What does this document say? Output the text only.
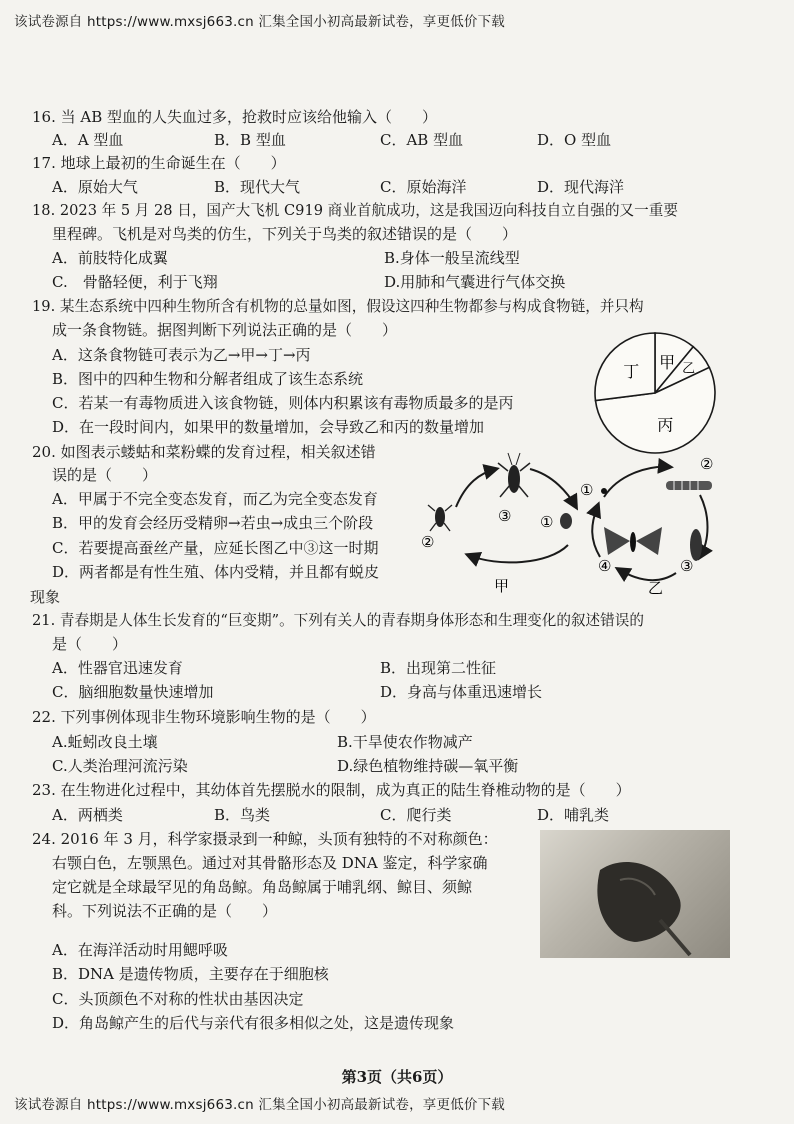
该试卷源自 https://www.mxsj663.cn 汇集全国小初高最新试卷，享更低价下载
16. 当 AB 型血的人失血过多，抢救时应该给他输入（　　）
A．A 型血	B．B 型血	C．AB 型血	D．O 型血
17. 地球上最初的生命诞生在（　　）
A．原始大气	B．现代大气	C．原始海洋	D．现代海洋
18. 2023 年 5 月 28 日，国产大飞机 C919 商业首航成功，这是我国迈向科技自立自强的又一重要
里程碑。飞机是对鸟类的仿生，下列关于鸟类的叙述错误的是（　　）
A．前肢特化成翼	B.身体一般呈流线型
C.　骨骼轻便，利于飞翔	D.用肺和气囊进行气体交换
19. 某生态系统中四种生物所含有机物的总量如图，假设这四种生物都参与构成食物链，并只构
成一条食物链。据图判断下列说法正确的是（　　）
A．这条食物链可表示为乙→甲→丁→丙
B．图中的四种生物和分解者组成了该生态系统
C．若某一有毒物质进入该食物链，则体内积累该有毒物质最多的是丙
D．在一段时间内，如果甲的数量增加，会导致乙和丙的数量增加
甲 乙
丙
丁
20. 如图表示蝼蛄和菜粉蝶的发育过程，相关叙述错
误的是（　　）
A．甲属于不完全变态发育，而乙为完全变态发育
B．甲的发育会经历受精卵→若虫→成虫三个阶段
C．若要提高蚕丝产量，应延长图乙中③这一时期
D．两者都是有性生殖、体内受精，并且都有蜕皮
现象
③ ①
②
甲
①
②
③
④
乙
21. 青春期是人体生长发育的“巨变期”。下列有关人的青春期身体形态和生理变化的叙述错误的
是（　　）
A．性器官迅速发育	B．出现第二性征
C．脑细胞数量快速增加	D．身高与体重迅速增长
22. 下列事例体现非生物环境影响生物的是（　　）
A.蚯蚓改良土壤	B.干旱使农作物减产
C.人类治理河流污染	D.绿色植物维持碳—氧平衡
23. 在生物进化过程中，其幼体首先摆脱水的限制，成为真正的陆生脊椎动物的是（　　）
A．两栖类	B．鸟类	C．爬行类	D．哺乳类
24. 2016 年 3 月，科学家摄录到一种鲸，头顶有独特的不对称颜色：
右颚白色，左颚黑色。通过对其骨骼形态及 DNA 鉴定，科学家确
定它就是全球最罕见的角岛鲸。角岛鲸属于哺乳纲、鲸目、须鲸
科。下列说法不正确的是（　　）
A．在海洋活动时用鳃呼吸
B．DNA 是遗传物质，主要存在于细胞核
C．头顶颜色不对称的性状由基因决定
D．角岛鲸产生的后代与亲代有很多相似之处，这是遗传现象
第3页（共6页）
该试卷源自 https://www.mxsj663.cn 汇集全国小初高最新试卷，享更低价下载
